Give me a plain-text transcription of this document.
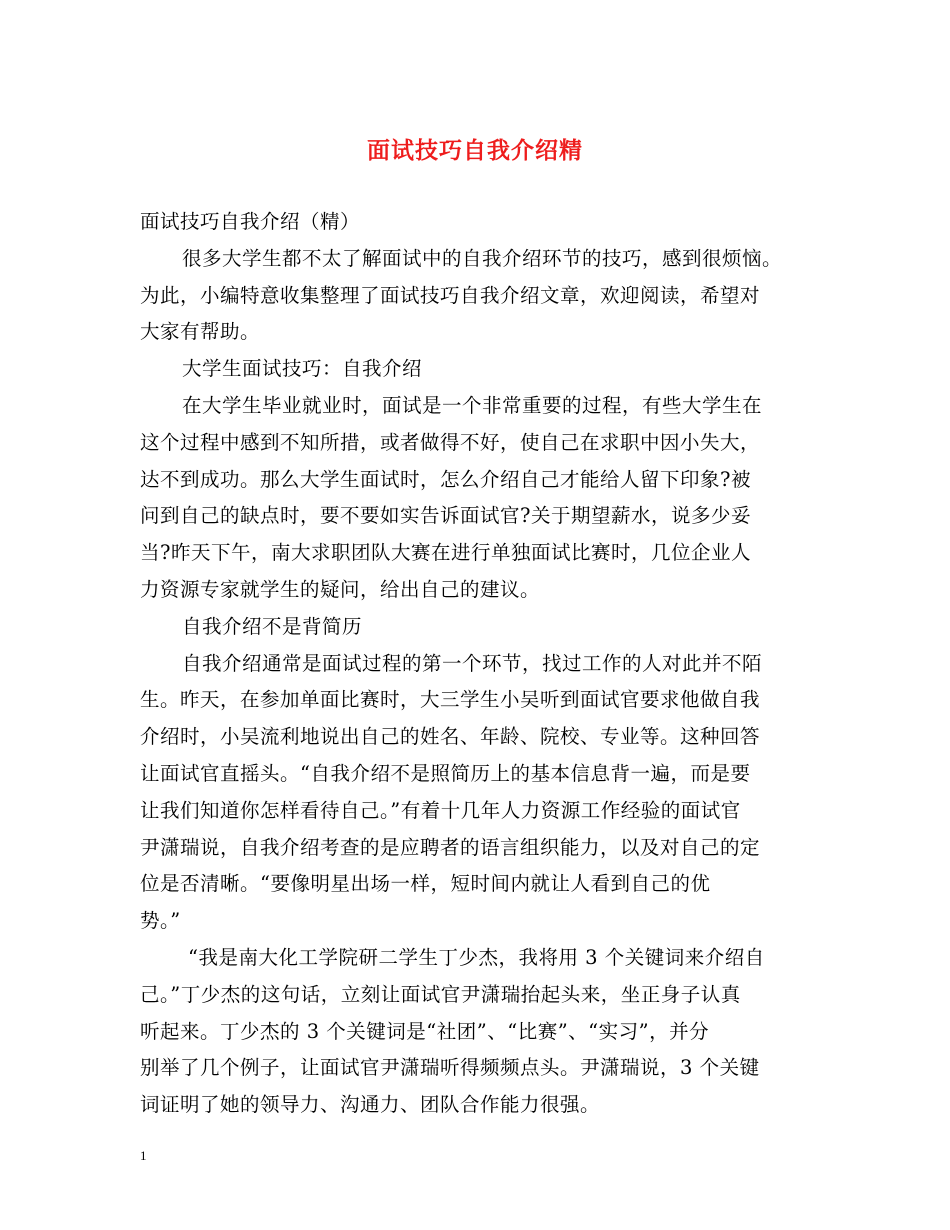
面试技巧自我介绍精
面试技巧自我介绍（精）
很多大学生都不太了解面试中的自我介绍环节的技巧，感到很烦恼。
为此，小编特意收集整理了面试技巧自我介绍文章，欢迎阅读，希望对
大家有帮助。
大学生面试技巧：自我介绍
在大学生毕业就业时，面试是一个非常重要的过程，有些大学生在
这个过程中感到不知所措，或者做得不好，使自己在求职中因小失大，
达不到成功。那么大学生面试时，怎么介绍自己才能给人留下印象?被
问到自己的缺点时，要不要如实告诉面试官?关于期望薪水，说多少妥
当?昨天下午，南大求职团队大赛在进行单独面试比赛时，几位企业人
力资源专家就学生的疑问，给出自己的建议。
自我介绍不是背简历
自我介绍通常是面试过程的第一个环节，找过工作的人对此并不陌
生。昨天，在参加单面比赛时，大三学生小吴听到面试官要求他做自我
介绍时，小吴流利地说出自己的姓名、年龄、院校、专业等。这种回答
让面试官直摇头。“自我介绍不是照简历上的基本信息背一遍，而是要
让我们知道你怎样看待自己。”有着十几年人力资源工作经验的面试官
尹潇瑞说，自我介绍考查的是应聘者的语言组织能力，以及对自己的定
位是否清晰。“要像明星出场一样，短时间内就让人看到自己的优
势。”
“我是南大化工学院研二学生丁少杰，我将用 3 个关键词来介绍自
己。”丁少杰的这句话，立刻让面试官尹潇瑞抬起头来，坐正身子认真
听起来。丁少杰的 3 个关键词是“社团”、“比赛”、“实习”，并分
别举了几个例子，让面试官尹潇瑞听得频频点头。尹潇瑞说，3 个关键
词证明了她的领导力、沟通力、团队合作能力很强。
1
